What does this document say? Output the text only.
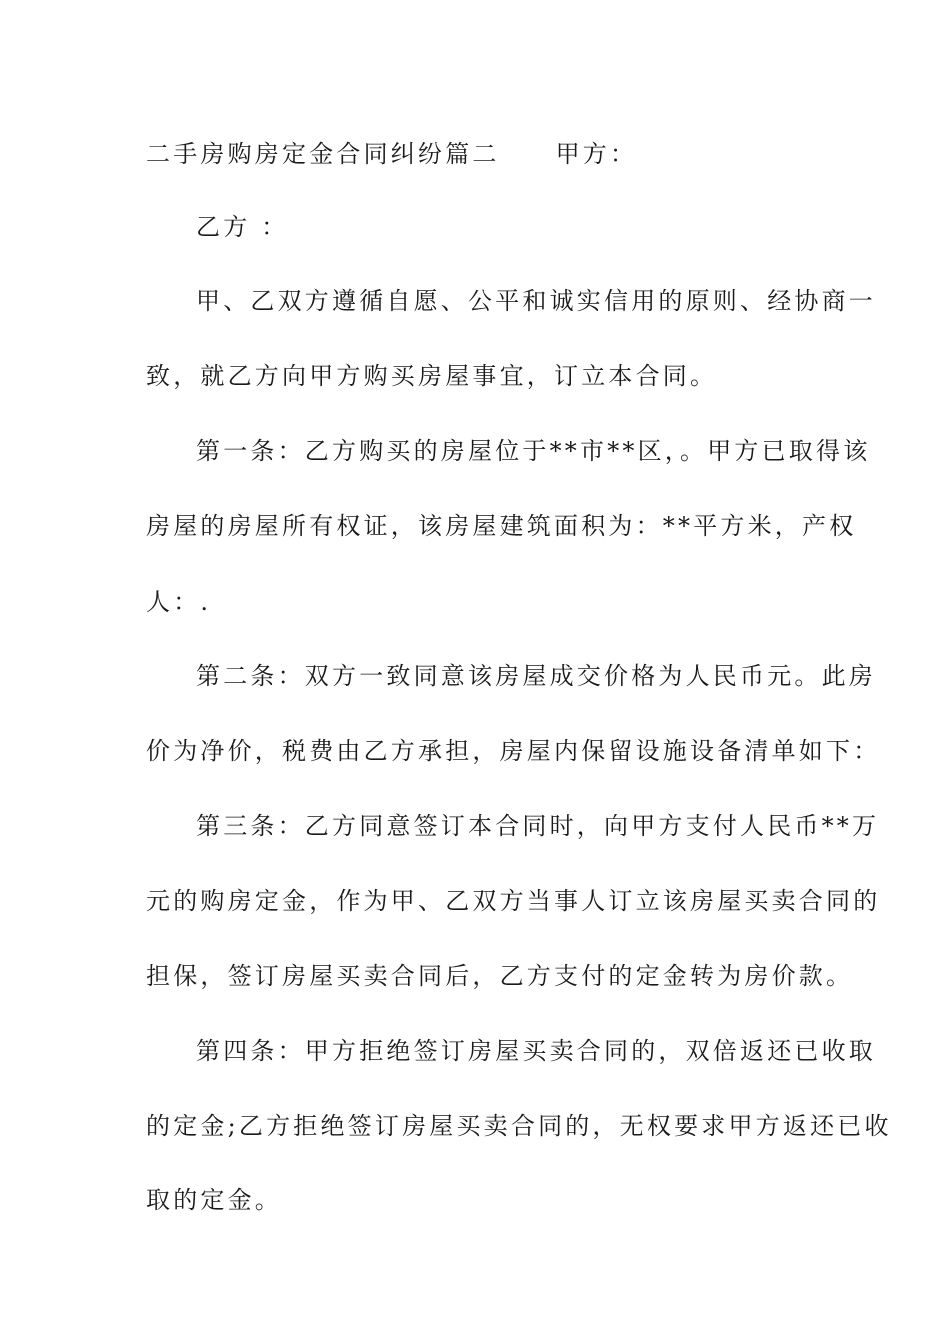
二手房购房定金合同纠纷篇二 甲方：
乙方 ：
甲、乙双方遵循自愿、公平和诚实信用的原则、经协商一
致，就乙方向甲方购买房屋事宜，订立本合同。
第一条：乙方购买的房屋位于**市**区，。甲方已取得该
房屋的房屋所有权证，该房屋建筑面积为：**平方米，产权
人：.
第二条：双方一致同意该房屋成交价格为人民币元。此房
价为净价，税费由乙方承担，房屋内保留设施设备清单如下：
第三条：乙方同意签订本合同时，向甲方支付人民币**万
元的购房定金，作为甲、乙双方当事人订立该房屋买卖合同的
担保，签订房屋买卖合同后，乙方支付的定金转为房价款。
第四条：甲方拒绝签订房屋买卖合同的，双倍返还已收取
的定金;乙方拒绝签订房屋买卖合同的，无权要求甲方返还已收
取的定金。
